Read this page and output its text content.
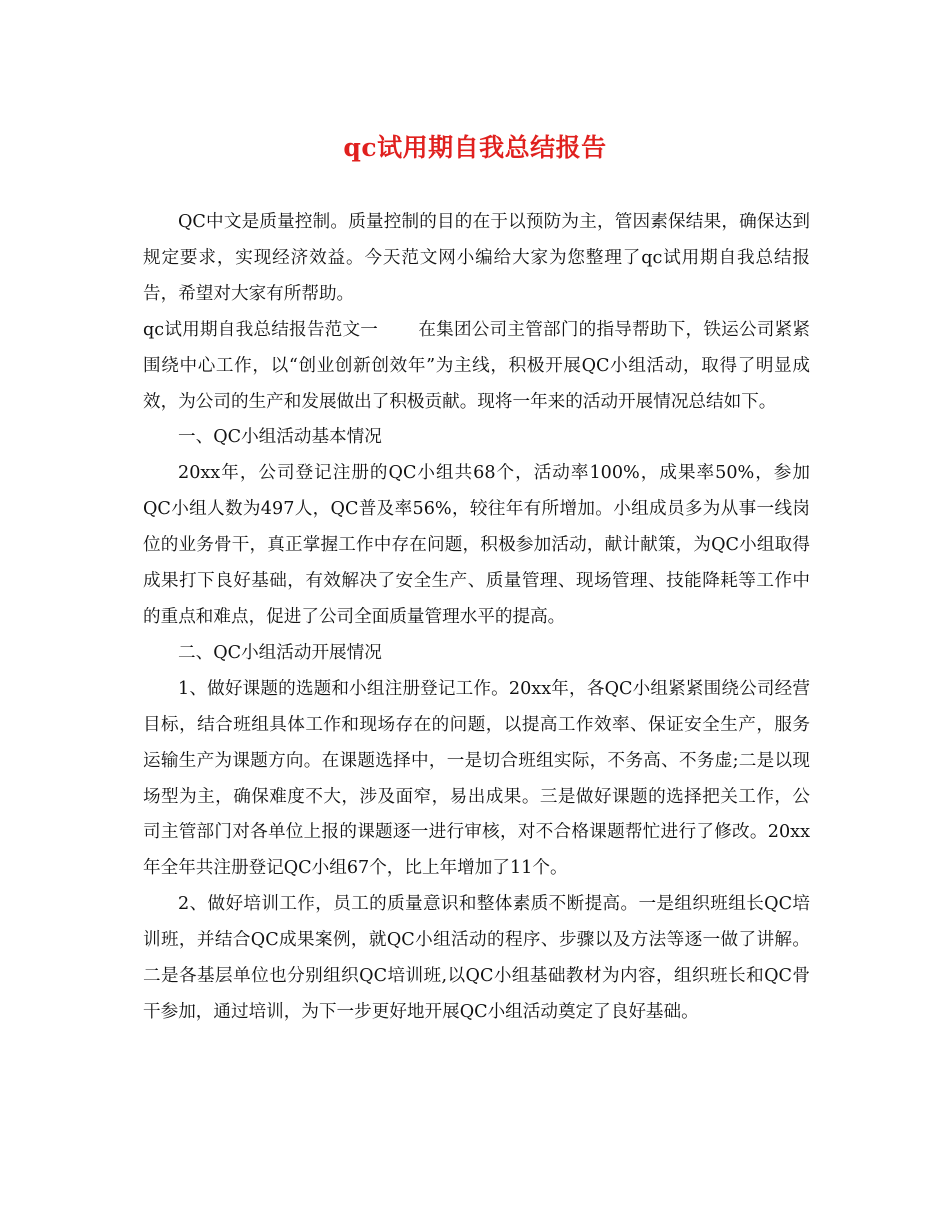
qc试用期自我总结报告

QC中文是质量控制。质量控制的目的在于以预防为主，管因素保结果，确保达到规定要求，实现经济效益。今天范文网小编给大家为您整理了qc试用期自我总结报告，希望对大家有所帮助。

qc试用期自我总结报告范文一 在集团公司主管部门的指导帮助下，铁运公司紧紧围绕中心工作，以“创业创新创效年”为主线，积极开展QC小组活动，取得了明显成效，为公司的生产和发展做出了积极贡献。现将一年来的活动开展情况总结如下。

一、QC小组活动基本情况

20xx年，公司登记注册的QC小组共68个，活动率100%，成果率50%，参加QC小组人数为497人，QC普及率56%，较往年有所增加。小组成员多为从事一线岗位的业务骨干，真正掌握工作中存在问题，积极参加活动，献计献策，为QC小组取得成果打下良好基础，有效解决了安全生产、质量管理、现场管理、技能降耗等工作中的重点和难点，促进了公司全面质量管理水平的提高。

二、QC小组活动开展情况

1、做好课题的选题和小组注册登记工作。20xx年，各QC小组紧紧围绕公司经营目标，结合班组具体工作和现场存在的问题，以提高工作效率、保证安全生产，服务运输生产为课题方向。在课题选择中，一是切合班组实际，不务高、不务虚;二是以现场型为主，确保难度不大，涉及面窄，易出成果。三是做好课题的选择把关工作，公司主管部门对各单位上报的课题逐一进行审核，对不合格课题帮忙进行了修改。20xx年全年共注册登记QC小组67个，比上年增加了11个。

2、做好培训工作，员工的质量意识和整体素质不断提高。一是组织班组长QC培训班，并结合QC成果案例，就QC小组活动的程序、步骤以及方法等逐一做了讲解。二是各基层单位也分别组织QC培训班,以QC小组基础教材为内容，组织班长和QC骨干参加，通过培训，为下一步更好地开展QC小组活动奠定了良好基础。
